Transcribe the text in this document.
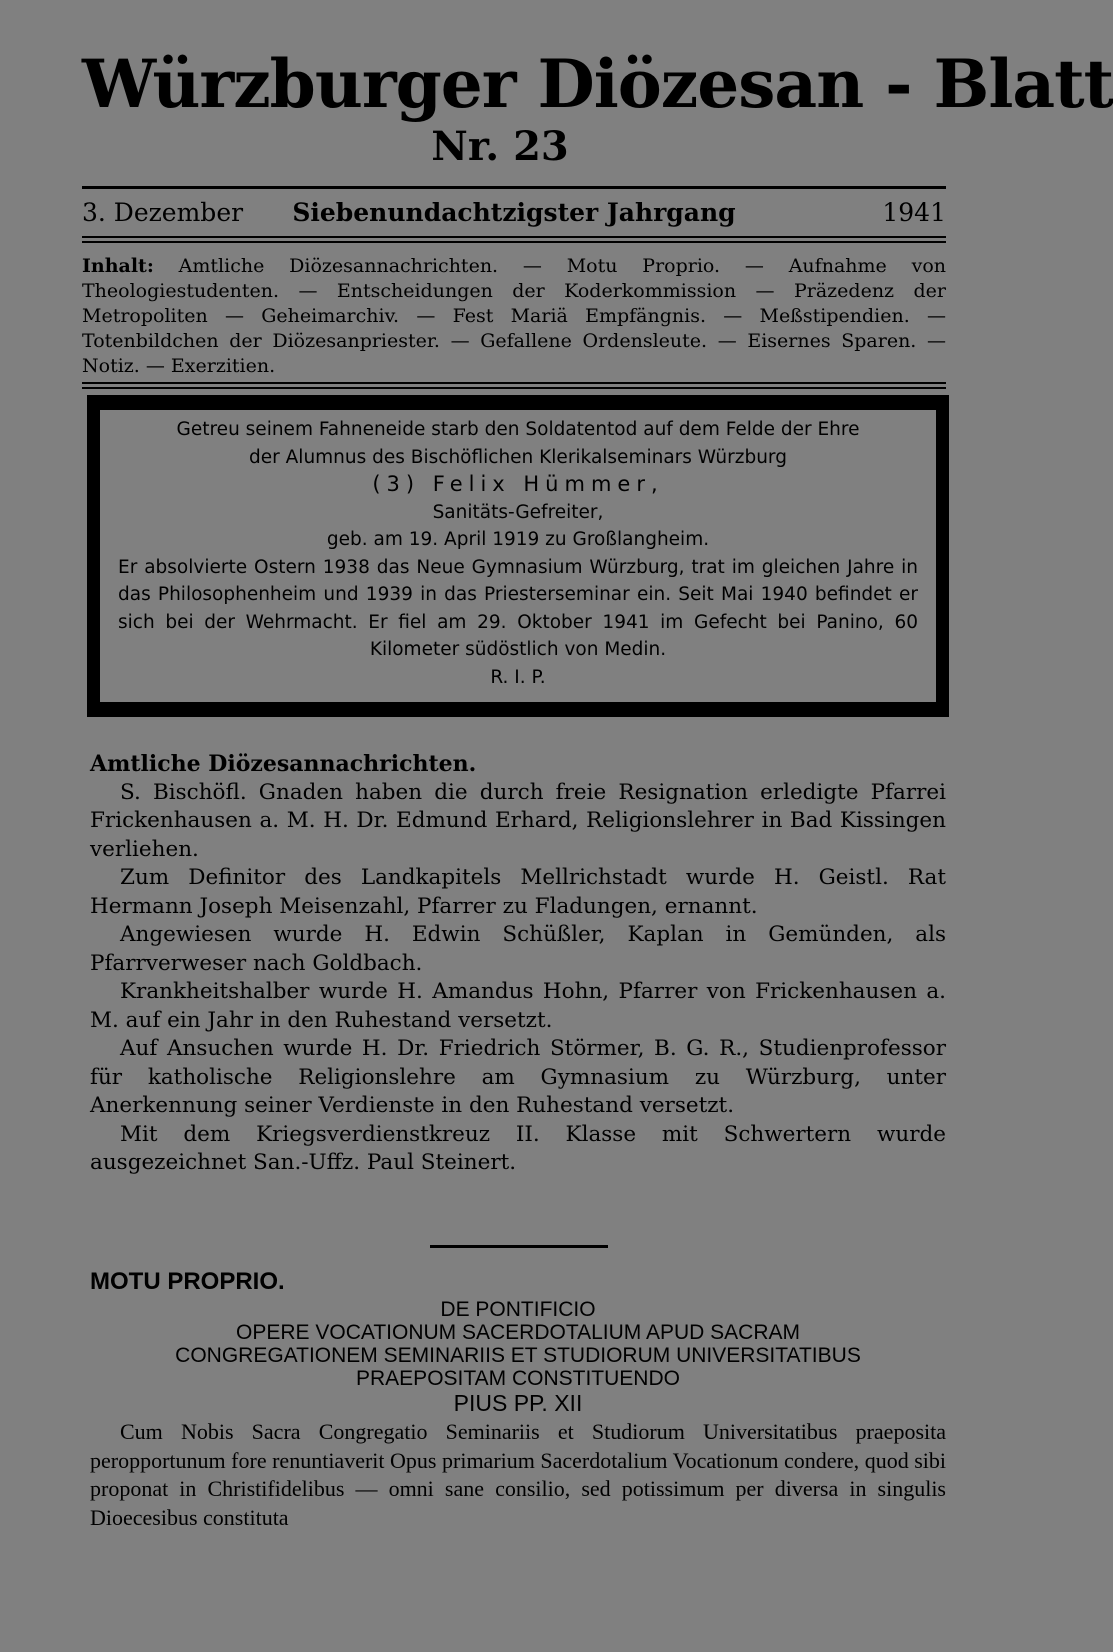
Würzburger Diözesan - Blatt
Nr. 23
Siebenundachtzigster Jahrgang
3. Dezember	1941
Inhalt: Amtliche Diözesannachrichten. — Motu Proprio. — Aufnahme von Theologiestudenten. — Entscheidungen der Koderkommission — Präzedenz der Metropoliten — Geheimarchiv. — Fest Mariä Empfängnis. — Meßstipendien. — Totenbildchen der Diözesanpriester. — Gefallene Ordensleute. — Eisernes Sparen. — Notiz. — Exerzitien.
Getreu seinem Fahneneide starb den Soldatentod auf dem Felde der Ehre
der Alumnus des Bischöflichen Klerikalseminars Würzburg
(3) Felix Hümmer,
Sanitäts-Gefreiter,
geb. am 19. April 1919 zu Großlangheim.
Er absolvierte Ostern 1938 das Neue Gymnasium Würzburg, trat im gleichen Jahre in das Philosophenheim und 1939 in das Priesterseminar ein. Seit Mai 1940 befindet er sich bei der Wehrmacht. Er fiel am 29. Oktober 1941 im Gefecht bei Panino, 60 Kilometer südöstlich von Medin.
R. I. P.
Amtliche Diözesannachrichten.

S. Bischöfl. Gnaden haben die durch freie Resignation erledigte Pfarrei Frickenhausen a. M. H. Dr. Edmund Erhard, Religionslehrer in Bad Kissingen verliehen.

Zum Definitor des Landkapitels Mellrichstadt wurde H. Geistl. Rat Hermann Joseph Meisenzahl, Pfarrer zu Fladungen, ernannt.

Angewiesen wurde H. Edwin Schüßler, Kaplan in Gemünden, als Pfarrverweser nach Goldbach.

Krankheitshalber wurde H. Amandus Hohn, Pfarrer von Frickenhausen a. M. auf ein Jahr in den Ruhestand versetzt.

Auf Ansuchen wurde H. Dr. Friedrich Störmer, B. G. R., Studienprofessor für katholische Religionslehre am Gymnasium zu Würzburg, unter Anerkennung seiner Verdienste in den Ruhestand versetzt.

Mit dem Kriegsverdienstkreuz II. Klasse mit Schwertern wurde ausgezeichnet San.-Uffz. Paul Steinert.

MOTU PROPRIO.
DE PONTIFICIO
OPERE VOCATIONUM SACERDOTALIUM APUD SACRAM
CONGREGATIONEM SEMINARIIS ET STUDIORUM UNIVERSITATIBUS
PRAEPOSITAM CONSTITUENDO
PIUS PP. XII
Cum Nobis Sacra Congregatio Seminariis et Studiorum Universitatibus praeposita peropportunum fore renuntiaverit Opus primarium Sacerdotalium Vocationum condere, quod sibi proponat in Christifidelibus — omni sane consilio, sed potissimum per diversa in singulis Dioecesibus constituta
